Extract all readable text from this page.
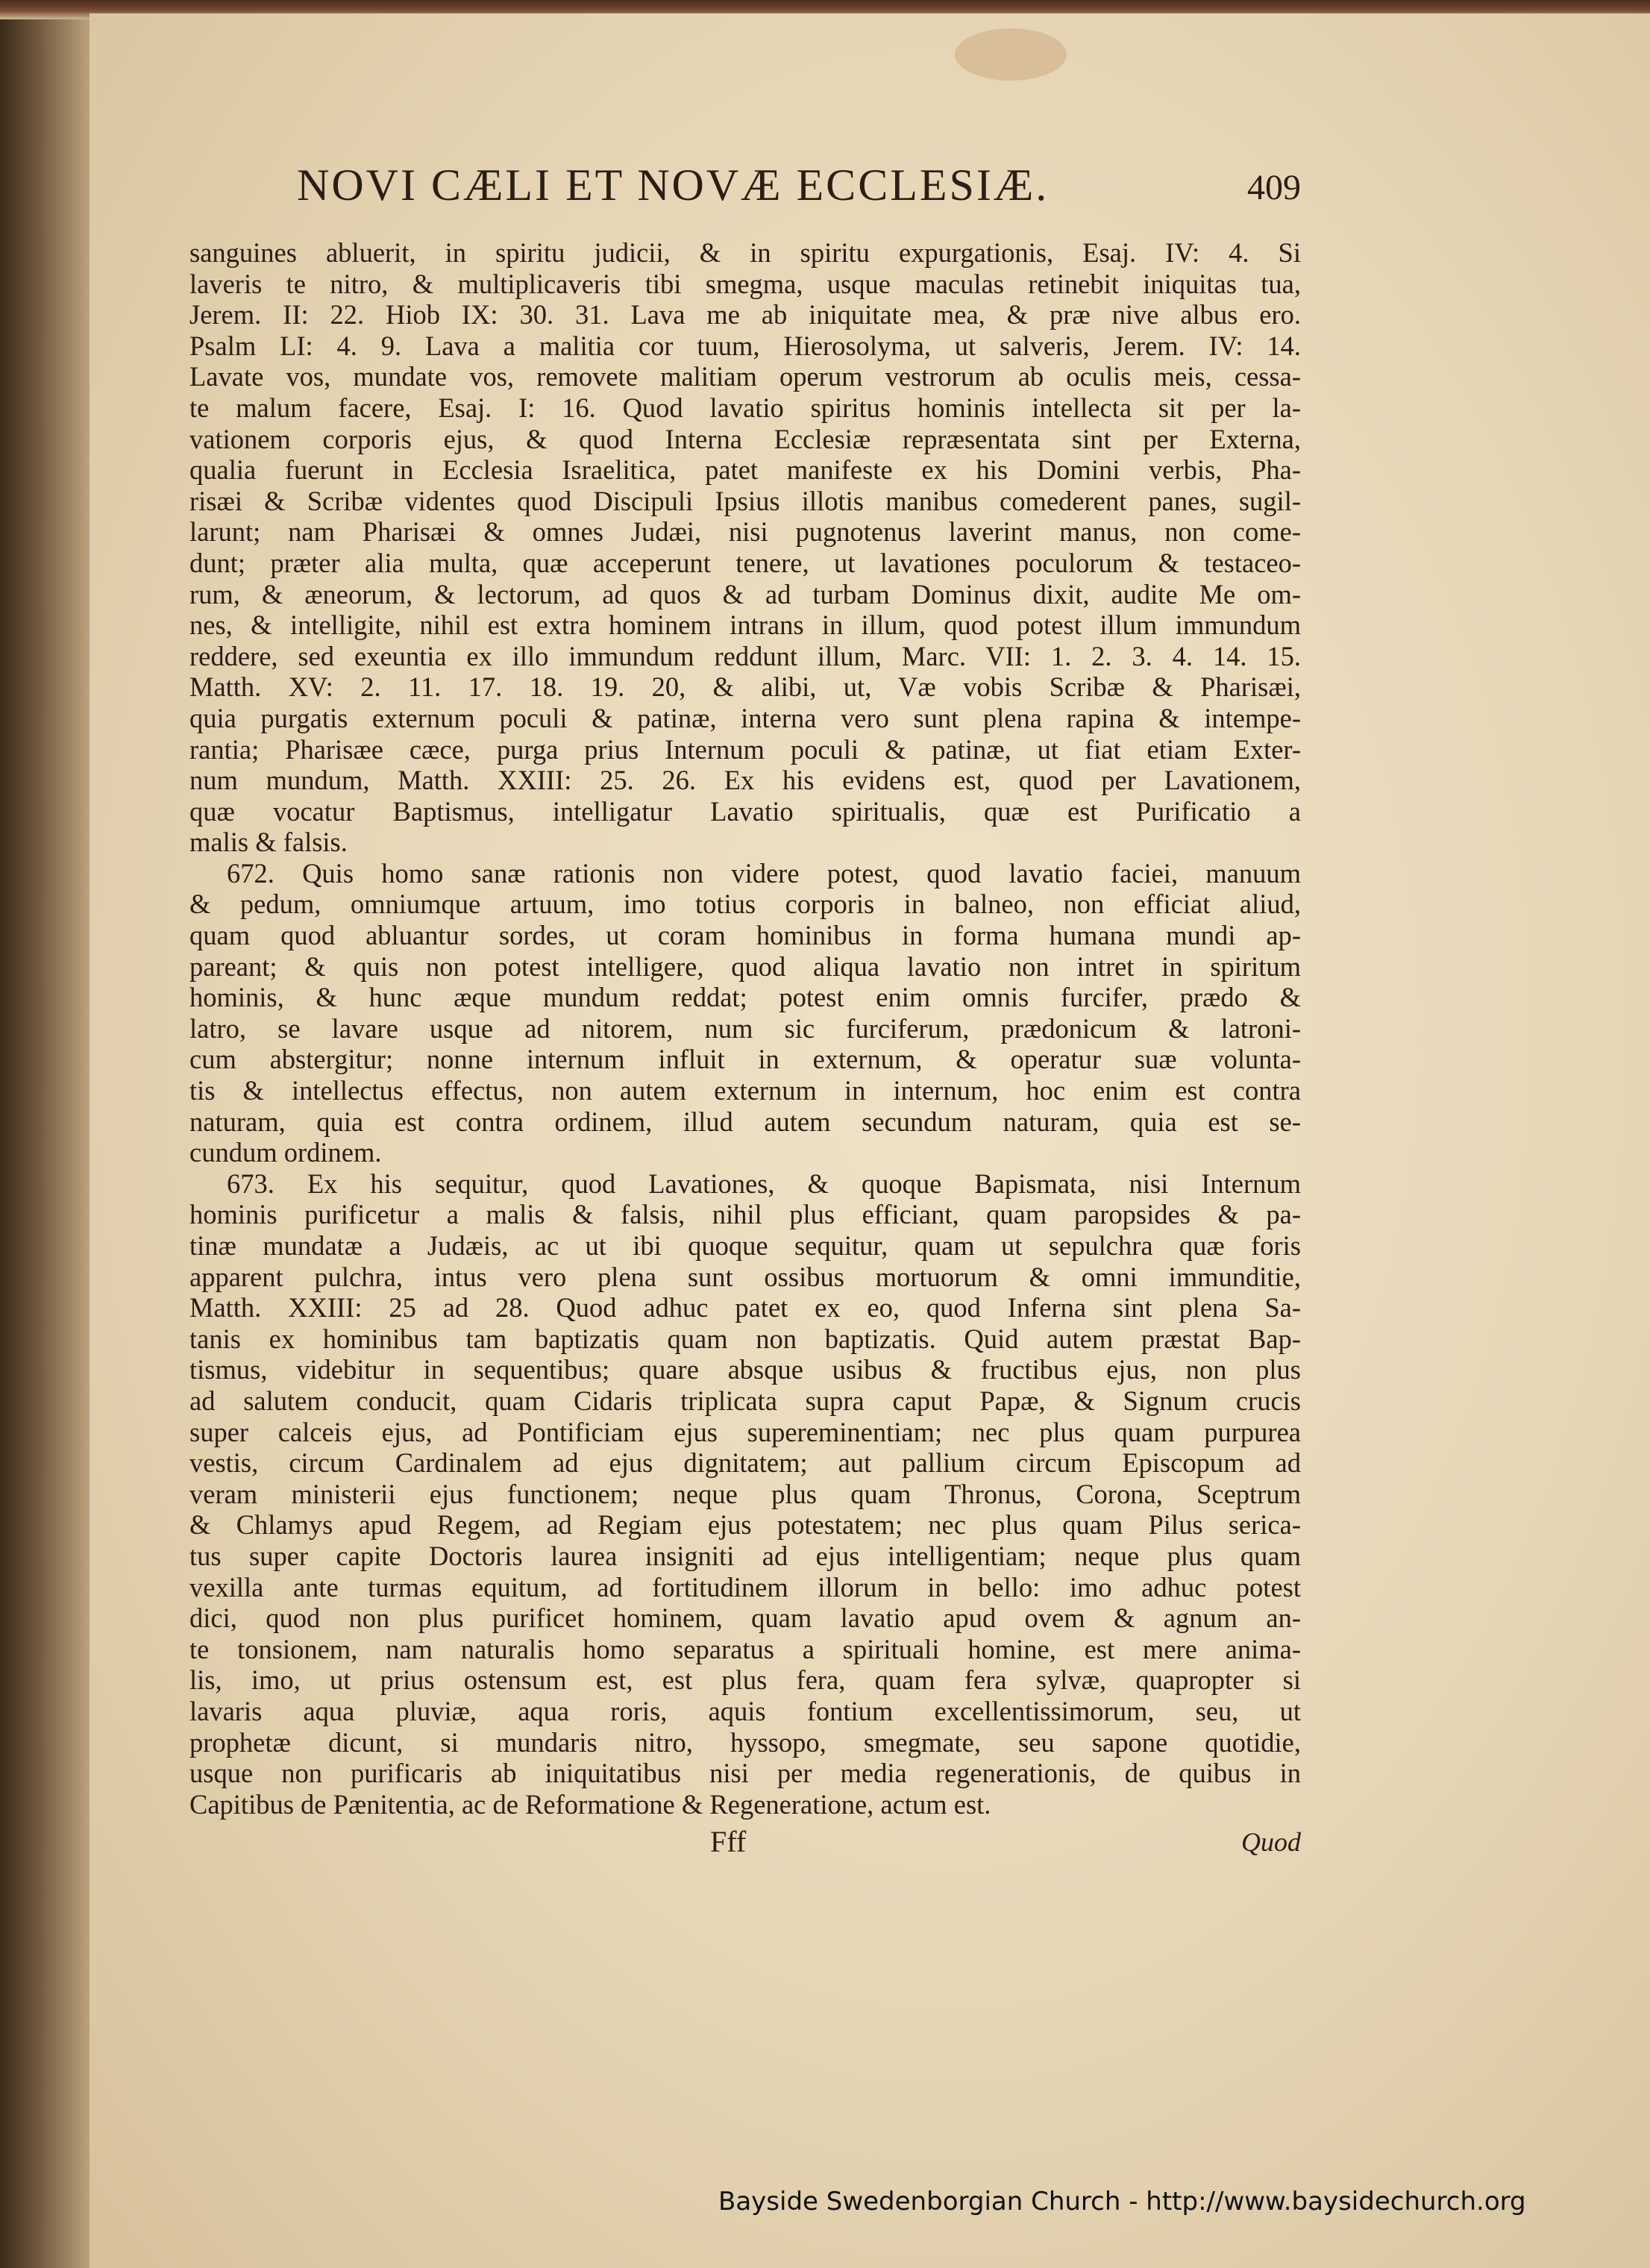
NOVI CÆLI ET NOVÆ ECCLESIÆ.	409
sanguines abluerit, in spiritu judicii, & in spiritu expurgationis, Esaj. IV: 4. Si
laveris te nitro, & multiplicaveris tibi smegma, usque maculas retinebit iniquitas tua,
Jerem. II: 22. Hiob IX: 30. 31. Lava me ab iniquitate mea, & præ nive albus ero.
Psalm LI: 4. 9. Lava a malitia cor tuum, Hierosolyma, ut salveris, Jerem. IV: 14.
Lavate vos, mundate vos, removete malitiam operum vestrorum ab oculis meis, cessa-
te malum facere, Esaj. I: 16. Quod lavatio spiritus hominis intellecta sit per la-
vationem corporis ejus, & quod Interna Ecclesiæ repræsentata sint per Externa,
qualia fuerunt in Ecclesia Israelitica, patet manifeste ex his Domini verbis, Pha-
risæi & Scribæ videntes quod Discipuli Ipsius illotis manibus comederent panes, sugil-
larunt; nam Pharisæi & omnes Judæi, nisi pugnotenus laverint manus, non come-
dunt; præter alia multa, quæ acceperunt tenere, ut lavationes poculorum & testaceo-
rum, & æneorum, & lectorum, ad quos & ad turbam Dominus dixit, audite Me om-
nes, & intelligite, nihil est extra hominem intrans in illum, quod potest illum immundum
reddere, sed exeuntia ex illo immundum reddunt illum, Marc. VII: 1. 2. 3. 4. 14. 15.
Matth. XV: 2. 11. 17. 18. 19. 20, & alibi, ut, Væ vobis Scribæ & Pharisæi,
quia purgatis externum poculi & patinæ, interna vero sunt plena rapina & intempe-
rantia; Pharisæe cæce, purga prius Internum poculi & patinæ, ut fiat etiam Exter-
num mundum, Matth. XXIII: 25. 26. Ex his evidens est, quod per Lavationem,
quæ vocatur Baptismus, intelligatur Lavatio spiritualis, quæ est Purificatio a
malis & falsis.
672. Quis homo sanæ rationis non videre potest, quod lavatio faciei, manuum
& pedum, omniumque artuum, imo totius corporis in balneo, non efficiat aliud,
quam quod abluantur sordes, ut coram hominibus in forma humana mundi ap-
pareant; & quis non potest intelligere, quod aliqua lavatio non intret in spiritum
hominis, & hunc æque mundum reddat; potest enim omnis furcifer, prædo &
latro, se lavare usque ad nitorem, num sic furciferum, prædonicum & latroni-
cum abstergitur; nonne internum influit in externum, & operatur suæ volunta-
tis & intellectus effectus, non autem externum in internum, hoc enim est contra
naturam, quia est contra ordinem, illud autem secundum naturam, quia est se-
cundum ordinem.
673. Ex his sequitur, quod Lavationes, & quoque Bapismata, nisi Internum
hominis purificetur a malis & falsis, nihil plus efficiant, quam paropsides & pa-
tinæ mundatæ a Judæis, ac ut ibi quoque sequitur, quam ut sepulchra quæ foris
apparent pulchra, intus vero plena sunt ossibus mortuorum & omni immunditie,
Matth. XXIII: 25 ad 28. Quod adhuc patet ex eo, quod Inferna sint plena Sa-
tanis ex hominibus tam baptizatis quam non baptizatis. Quid autem præstat Bap-
tismus, videbitur in sequentibus; quare absque usibus & fructibus ejus, non plus
ad salutem conducit, quam Cidaris triplicata supra caput Papæ, & Signum crucis
super calceis ejus, ad Pontificiam ejus supereminentiam; nec plus quam purpurea
vestis, circum Cardinalem ad ejus dignitatem; aut pallium circum Episcopum ad
veram ministerii ejus functionem; neque plus quam Thronus, Corona, Sceptrum
& Chlamys apud Regem, ad Regiam ejus potestatem; nec plus quam Pilus serica-
tus super capite Doctoris laurea insigniti ad ejus intelligentiam; neque plus quam
vexilla ante turmas equitum, ad fortitudinem illorum in bello: imo adhuc potest
dici, quod non plus purificet hominem, quam lavatio apud ovem & agnum an-
te tonsionem, nam naturalis homo separatus a spirituali homine, est mere anima-
lis, imo, ut prius ostensum est, est plus fera, quam fera sylvæ, quapropter si
lavaris aqua pluviæ, aqua roris, aquis fontium excellentissimorum, seu, ut
prophetæ dicunt, si mundaris nitro, hyssopo, smegmate, seu sapone quotidie,
usque non purificaris ab iniquitatibus nisi per media regenerationis, de quibus in
Capitibus de Pænitentia, ac de Reformatione & Regeneratione, actum est.
Fff	Quod
Bayside Swedenborgian Church - http://www.baysidechurch.org
